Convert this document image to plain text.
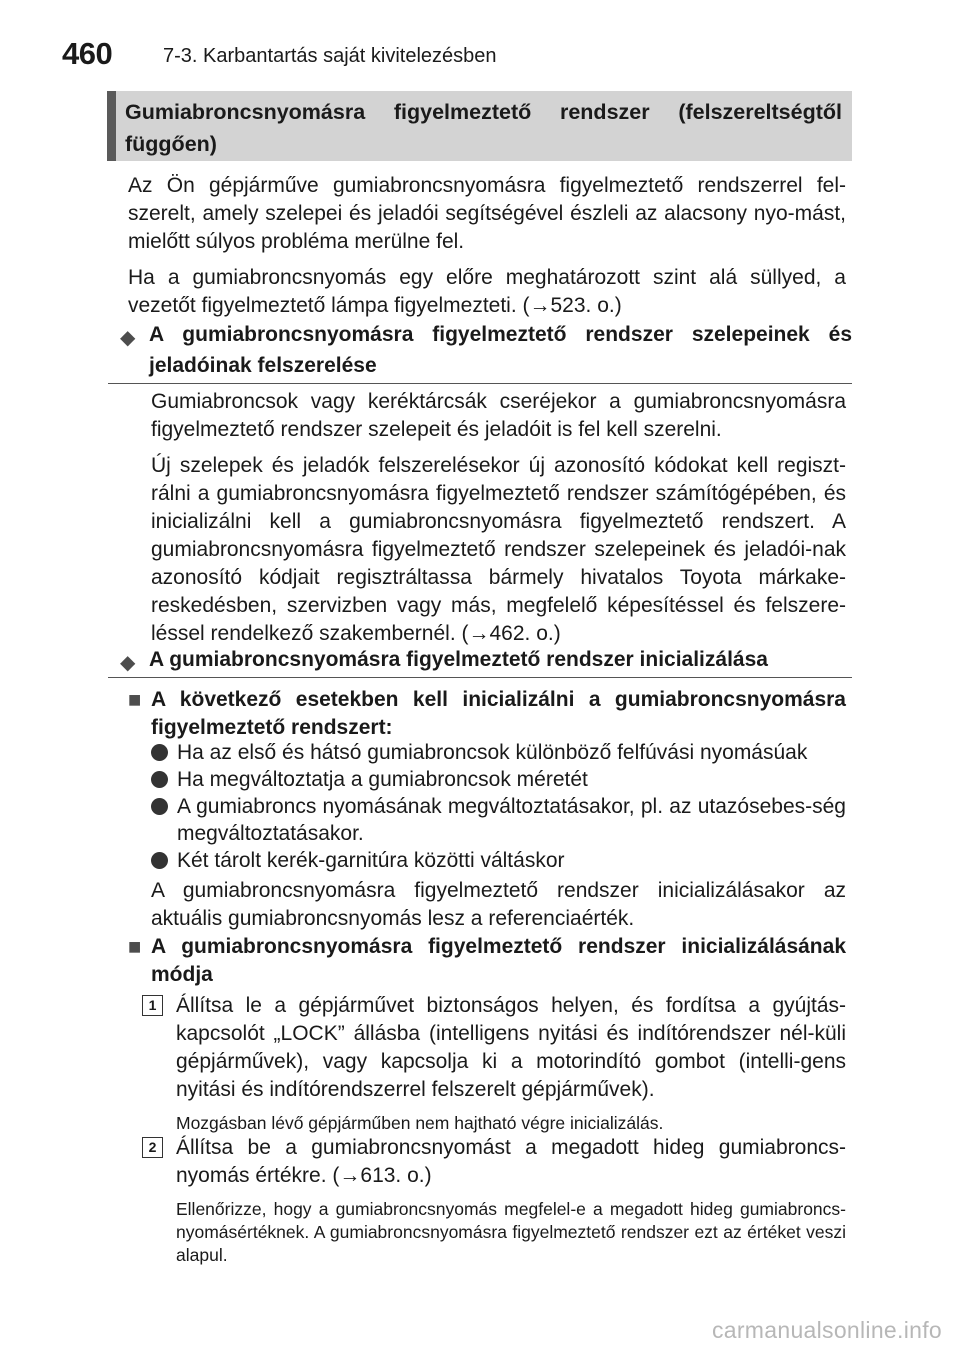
460	7-3. Karbantartás saját kivitelezésben
Gumiabroncsnyomásra figyelmeztető rendszer (felszereltségtől függően)

Az Ön gépjárműve gumiabroncsnyomásra figyelmeztető rendszerrel fel-szerelt, amely szelepei és jeladói segítségével észleli az alacsony nyo-mást, mielőtt súlyos probléma merülne fel.

Ha a gumiabroncsnyomás egy előre meghatározott szint alá süllyed, a vezetőt figyelmeztető lámpa figyelmezteti. (→523. o.)

◆ A gumiabroncsnyomásra figyelmeztető rendszer szelepeinek és jeladóinak felszerelése

Gumiabroncsok vagy keréktárcsák cseréjekor a gumiabroncsnyomásra figyelmeztető rendszer szelepeit és jeladóit is fel kell szerelni.

Új szelepek és jeladók felszerelésekor új azonosító kódokat kell regiszt-rálni a gumiabroncsnyomásra figyelmeztető rendszer számítógépében, és inicializálni kell a gumiabroncsnyomásra figyelmeztető rendszert. A gumiabroncsnyomásra figyelmeztető rendszer szelepeinek és jeladói-nak azonosító kódjait regisztráltassa bármely hivatalos Toyota márkake-reskedésben, szervizben vagy más, megfelelő képesítéssel és felszere-léssel rendelkező szakembernél. (→462. o.)

◆ A gumiabroncsnyomásra figyelmeztető rendszer inicializálása
■ A következő esetekben kell inicializálni a gumiabroncsnyomásra figyelmeztető rendszert:
Ha az első és hátsó gumiabroncsok különböző felfúvási nyomásúak
Ha megváltoztatja a gumiabroncsok méretét
A gumiabroncs nyomásának megváltoztatásakor, pl. az utazósebes-ség megváltoztatásakor.
Két tárolt kerék-garnitúra közötti váltáskor
A gumiabroncsnyomásra figyelmeztető rendszer inicializálásakor az aktuális gumiabroncsnyomás lesz a referenciaérték.
■ A gumiabroncsnyomásra figyelmeztető rendszer inicializálásának módja
1 Állítsa le a gépjárművet biztonságos helyen, és fordítsa a gyújtás-kapcsolót „LOCK” állásba (intelligens nyitási és indítórendszer nél-küli gépjárművek), vagy kapcsolja ki a motorindító gombot (intelli-gens nyitási és indítórendszerrel felszerelt gépjárművek).
Mozgásban lévő gépjárműben nem hajtható végre inicializálás.
2 Állítsa be a gumiabroncsnyomást a megadott hideg gumiabroncs-nyomás értékre. (→613. o.)
Ellenőrizze, hogy a gumiabroncsnyomás megfelel-e a megadott hideg gumiabroncs-nyomásértéknek. A gumiabroncsnyomásra figyelmeztető rendszer ezt az értéket veszi alapul.
carmanualsonline.info
